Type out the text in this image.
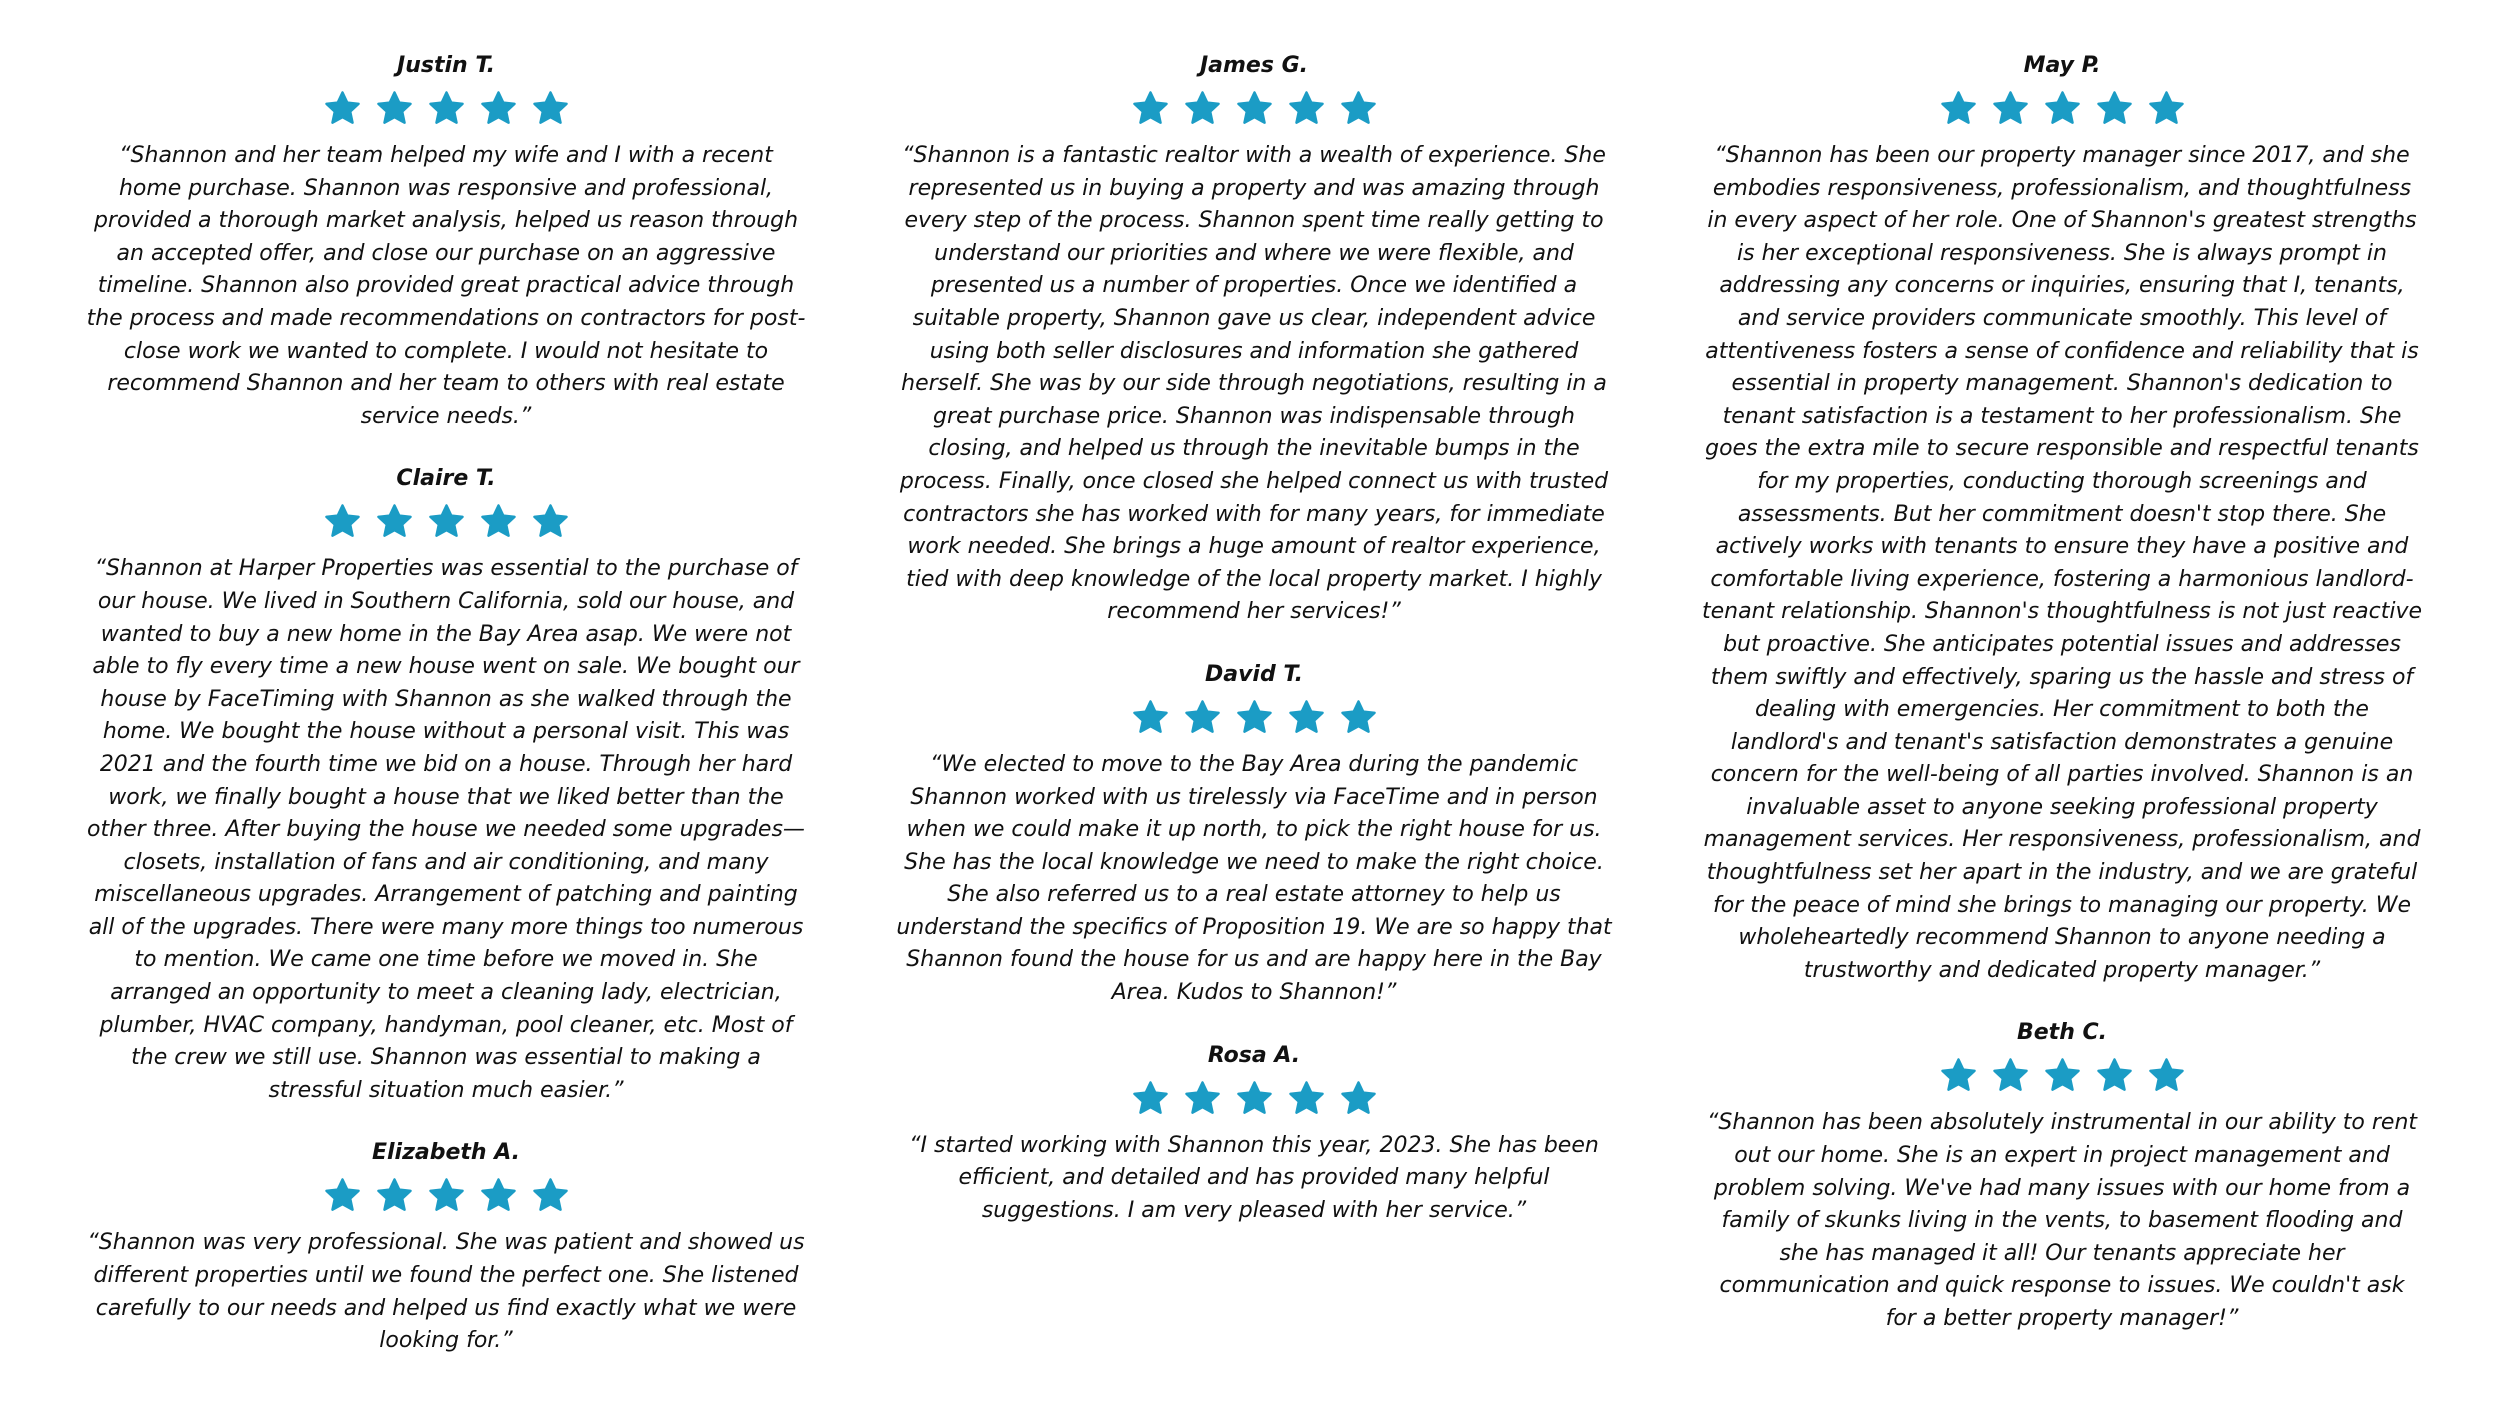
Justin T.

“Shannon and her team helped my wife and I with a recent home purchase. Shannon was responsive and professional, provided a thorough market analysis, helped us reason through an accepted offer, and close our purchase on an aggressive timeline. Shannon also provided great practical advice through the process and made recommendations on contractors for post-close work we wanted to complete. I would not hesitate to recommend Shannon and her team to others with real estate service needs.”

Claire T.

“Shannon at Harper Properties was essential to the purchase of our house. We lived in Southern California, sold our house, and wanted to buy a new home in the Bay Area asap. We were not able to fly every time a new house went on sale. We bought our house by FaceTiming with Shannon as she walked through the home. We bought the house without a personal visit. This was 2021 and the fourth time we bid on a house. Through her hard work, we finally bought a house that we liked better than the other three. After buying the house we needed some upgrades—closets, installation of fans and air conditioning, and many miscellaneous upgrades. Arrangement of patching and painting all of the upgrades. There were many more things too numerous to mention. We came one time before we moved in. She arranged an opportunity to meet a cleaning lady, electrician, plumber, HVAC company, handyman, pool cleaner, etc. Most of the crew we still use. Shannon was essential to making a stressful situation much easier.”

Elizabeth A.

“Shannon was very professional. She was patient and showed us different properties until we found the perfect one. She listened carefully to our needs and helped us find exactly what we were looking for.”

James G.

“Shannon is a fantastic realtor with a wealth of experience. She represented us in buying a property and was amazing through every step of the process. Shannon spent time really getting to understand our priorities and where we were flexible, and presented us a number of properties. Once we identified a suitable property, Shannon gave us clear, independent advice using both seller disclosures and information she gathered herself. She was by our side through negotiations, resulting in a great purchase price. Shannon was indispensable through closing, and helped us through the inevitable bumps in the process. Finally, once closed she helped connect us with trusted contractors she has worked with for many years, for immediate work needed. She brings a huge amount of realtor experience, tied with deep knowledge of the local property market. I highly recommend her services!”

David T.

“We elected to move to the Bay Area during the pandemic Shannon worked with us tirelessly via FaceTime and in person when we could make it up north, to pick the right house for us. She has the local knowledge we need to make the right choice. She also referred us to a real estate attorney to help us understand the specifics of Proposition 19. We are so happy that Shannon found the house for us and are happy here in the Bay Area. Kudos to Shannon!”

Rosa A.

“I started working with Shannon this year, 2023. She has been efficient, and detailed and has provided many helpful suggestions. I am very pleased with her service.”

May P.

“Shannon has been our property manager since 2017, and she embodies responsiveness, professionalism, and thoughtfulness in every aspect of her role. One of Shannon's greatest strengths is her exceptional responsiveness. She is always prompt in addressing any concerns or inquiries, ensuring that I, tenants, and service providers communicate smoothly. This level of attentiveness fosters a sense of confidence and reliability that is essential in property management. Shannon's dedication to tenant satisfaction is a testament to her professionalism. She goes the extra mile to secure responsible and respectful tenants for my properties, conducting thorough screenings and assessments. But her commitment doesn't stop there. She actively works with tenants to ensure they have a positive and comfortable living experience, fostering a harmonious landlord-tenant relationship. Shannon's thoughtfulness is not just reactive but proactive. She anticipates potential issues and addresses them swiftly and effectively, sparing us the hassle and stress of dealing with emergencies. Her commitment to both the landlord's and tenant's satisfaction demonstrates a genuine concern for the well-being of all parties involved. Shannon is an invaluable asset to anyone seeking professional property management services. Her responsiveness, professionalism, and thoughtfulness set her apart in the industry, and we are grateful for the peace of mind she brings to managing our property. We wholeheartedly recommend Shannon to anyone needing a trustworthy and dedicated property manager.”

Beth C.

“Shannon has been absolutely instrumental in our ability to rent out our home. She is an expert in project management and problem solving. We've had many issues with our home from a family of skunks living in the vents, to basement flooding and she has managed it all! Our tenants appreciate her communication and quick response to issues. We couldn't ask for a better property manager!”
